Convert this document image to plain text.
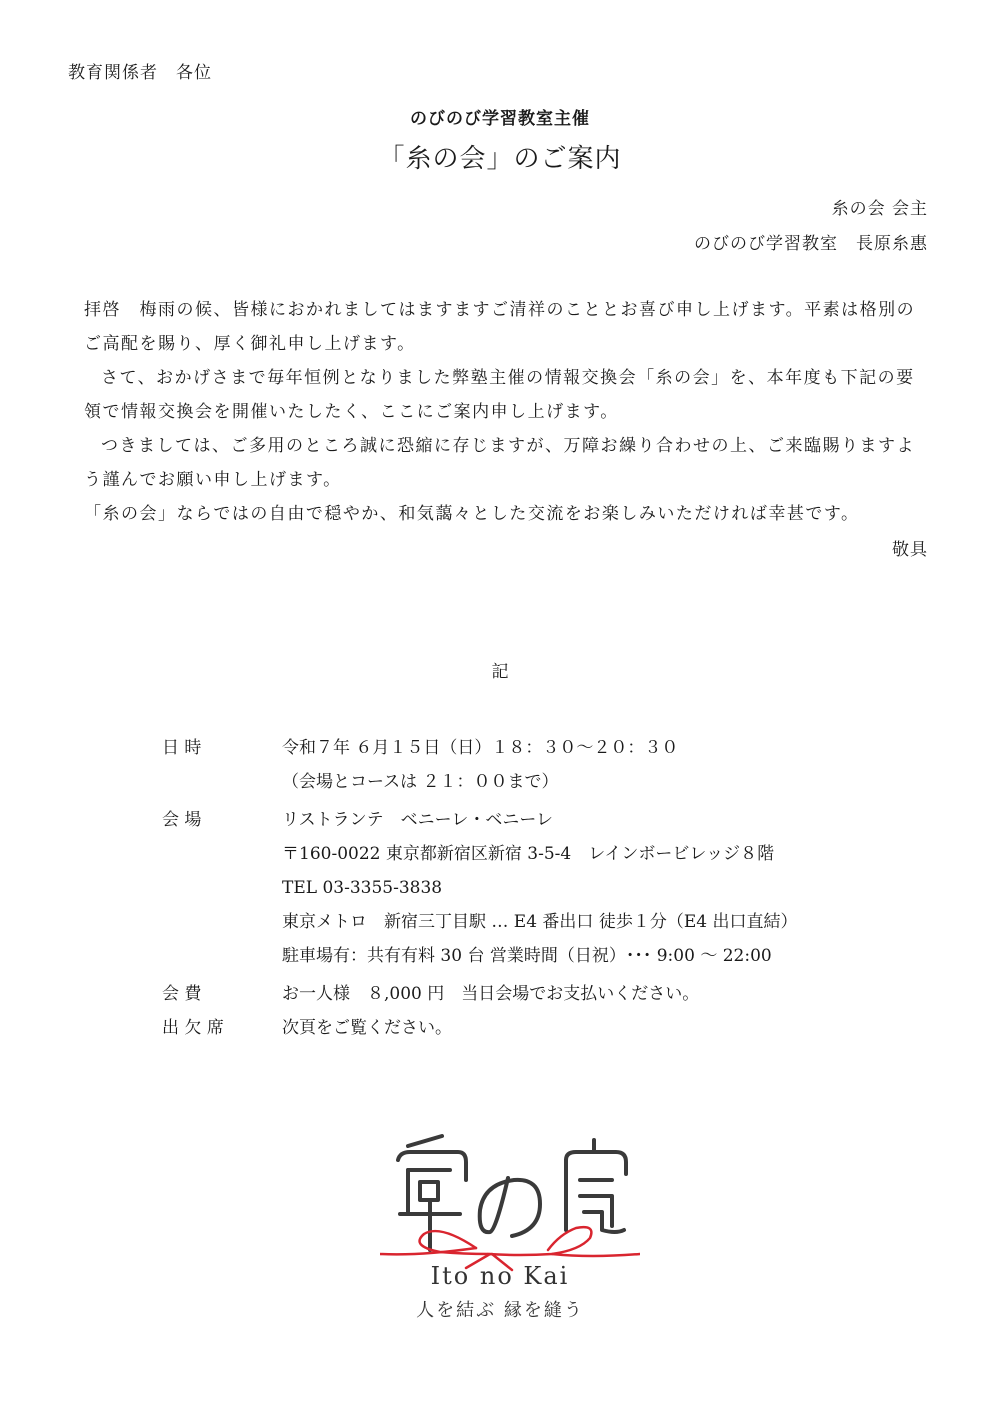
教育関係者　各位
のびのび学習教室主催
「糸の会」のご案内
糸の会 会主
のびのび学習教室　長原糸惠

拝啓　梅雨の候、皆様におかれましてはますますご清祥のこととお喜び申し上げます。平素は格別のご高配を賜り、厚く御礼申し上げます。

さて、おかげさまで毎年恒例となりました弊塾主催の情報交換会「糸の会」を、本年度も下記の要領で情報交換会を開催いたしたく、ここにご案内申し上げます。

つきましては、ご多用のところ誠に恐縮に存じますが、万障お繰り合わせの上、ご来臨賜りますよう謹んでお願い申し上げます。

「糸の会」ならではの自由で穏やか、和気藹々とした交流をお楽しみいただければ幸甚です。

敬具
記
日 時	令和７年 ６月１５日（日）１８：３０～２０：３０
（会場とコースは ２１：００まで）
会 場	リストランテ　ベニーレ・ベニーレ
〒160-0022 東京都新宿区新宿 3-5-4　レインボービレッジ８階
TEL 03-3355-3838
東京メトロ　新宿三丁目駅 … E4 番出口 徒歩１分（E4 出口直結）
駐車場有：共有有料 30 台 営業時間（日祝）･･･ 9:00 ～ 22:00
会 費	お一人様　８,000 円　当日会場でお支払いください。
出 欠 席	次頁をご覧ください。
Ito no Kai
人を結ぶ 縁を縫う
